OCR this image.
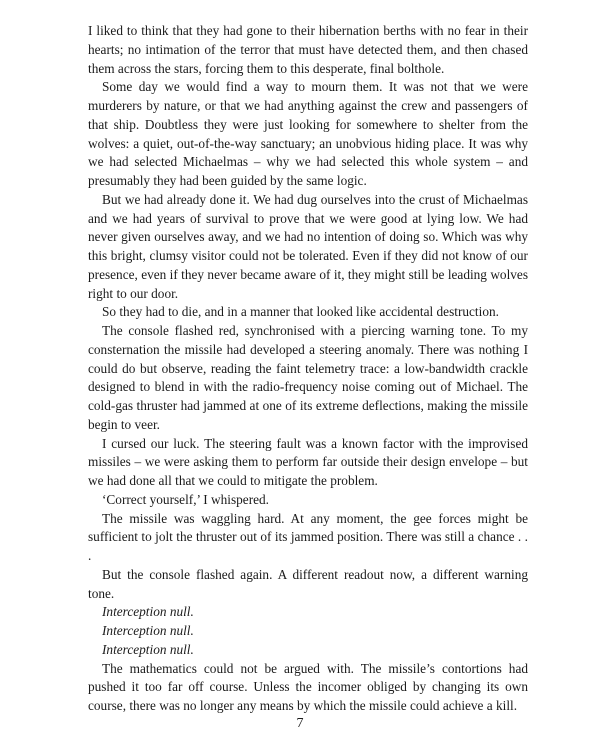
I liked to think that they had gone to their hibernation berths with no fear in their hearts; no intimation of the terror that must have detected them, and then chased them across the stars, forcing them to this desperate, final bolthole.

Some day we would find a way to mourn them. It was not that we were murderers by nature, or that we had anything against the crew and passengers of that ship. Doubtless they were just looking for somewhere to shelter from the wolves: a quiet, out-of-the-way sanctuary; an unobvious hiding place. It was why we had selected Michaelmas – why we had selected this whole system – and presumably they had been guided by the same logic.

But we had already done it. We had dug ourselves into the crust of Michaelmas and we had years of survival to prove that we were good at lying low. We had never given ourselves away, and we had no intention of doing so. Which was why this bright, clumsy visitor could not be tolerated. Even if they did not know of our presence, even if they never became aware of it, they might still be leading wolves right to our door.

So they had to die, and in a manner that looked like accidental destruction.

The console flashed red, synchronised with a piercing warning tone. To my consternation the missile had developed a steering anomaly. There was nothing I could do but observe, reading the faint telemetry trace: a low-bandwidth crackle designed to blend in with the radio-frequency noise coming out of Michael. The cold-gas thruster had jammed at one of its extreme deflections, making the missile begin to veer.

I cursed our luck. The steering fault was a known factor with the improvised missiles – we were asking them to perform far outside their design envelope – but we had done all that we could to mitigate the problem.

‘Correct yourself,’ I whispered.

The missile was waggling hard. At any moment, the gee forces might be sufficient to jolt the thruster out of its jammed position. There was still a chance . . .

But the console flashed again. A different readout now, a different warning tone.

Interception null.

Interception null.

Interception null.

The mathematics could not be argued with. The missile’s contortions had pushed it too far off course. Unless the incomer obliged by changing its own course, there was no longer any means by which the missile could achieve a kill.

7
